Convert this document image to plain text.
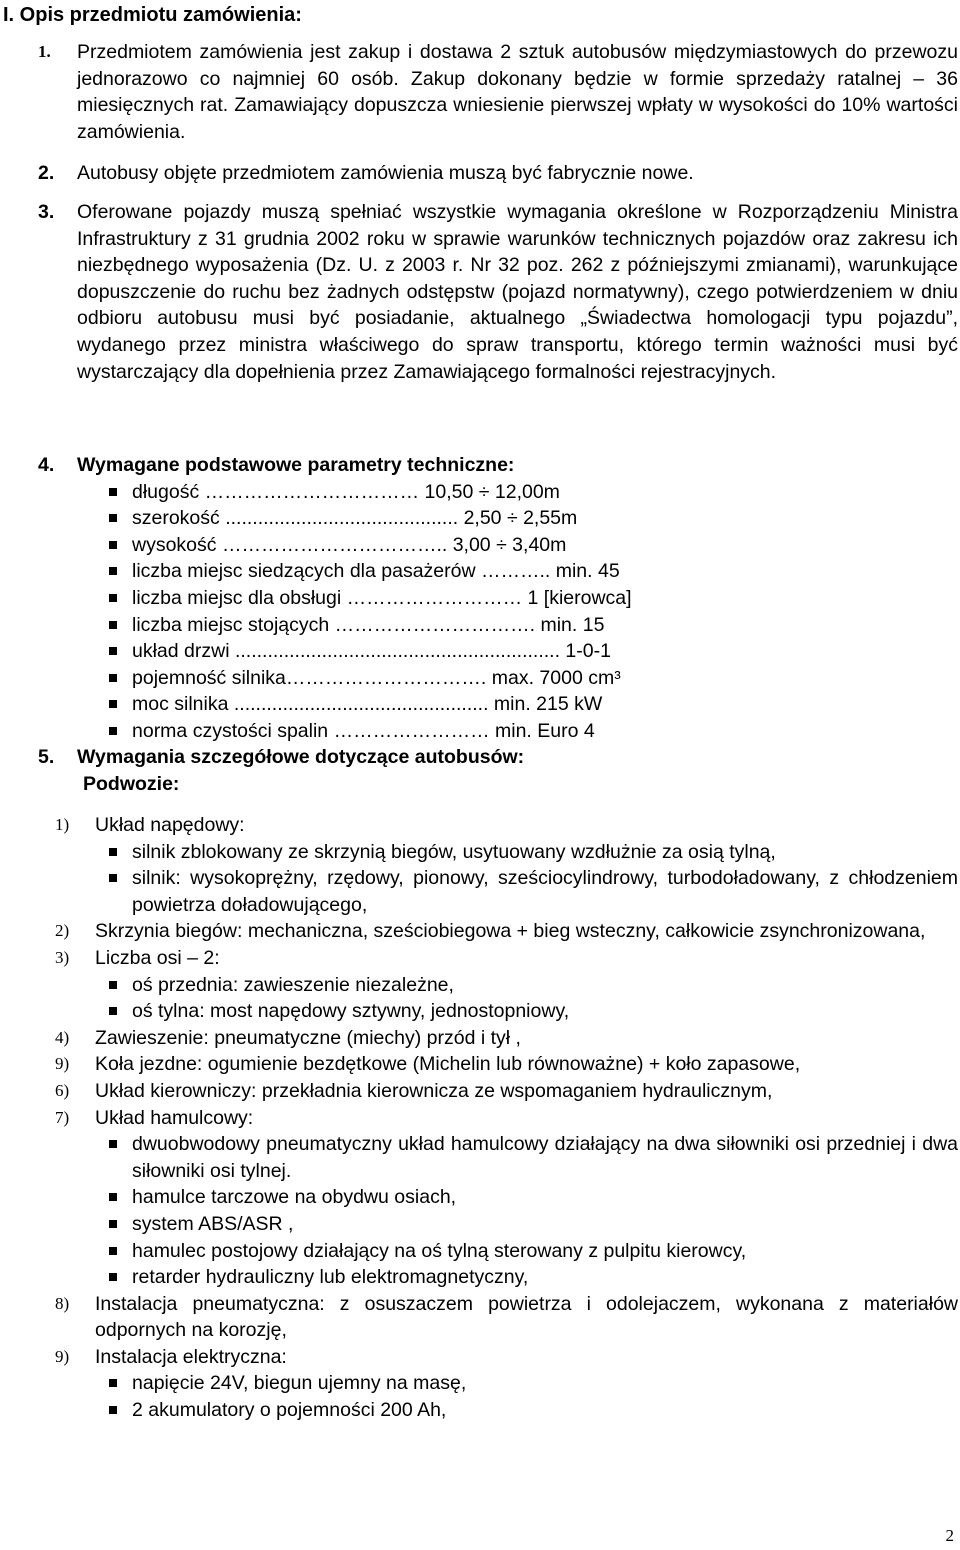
I. Opis przedmiotu zamówienia:
1.	Przedmiotem zamówienia jest zakup i dostawa 2 sztuk autobusów międzymiastowych do przewozu jednorazowo co najmniej 60 osób. Zakup dokonany będzie w formie sprzedaży ratalnej – 36 miesięcznych rat. Zamawiający dopuszcza wniesienie pierwszej wpłaty w wysokości do 10% wartości zamówienia.
2.	Autobusy objęte przedmiotem zamówienia muszą być fabrycznie nowe.
3.	Oferowane pojazdy muszą spełniać wszystkie wymagania określone w Rozporządzeniu Ministra Infrastruktury z 31 grudnia 2002 roku w sprawie warunków technicznych pojazdów oraz zakresu ich niezbędnego wyposażenia (Dz. U. z 2003 r. Nr 32 poz. 262 z późniejszymi zmianami), warunkujące dopuszczenie do ruchu bez żadnych odstępstw (pojazd normatywny), czego potwierdzeniem w dniu odbioru autobusu musi być posiadanie, aktualnego „Świadectwa homologacji typu pojazdu”, wydanego przez ministra właściwego do spraw transportu, którego termin ważności musi być wystarczający dla dopełnienia przez Zamawiającego formalności rejestracyjnych.
4.	Wymagane podstawowe parametry techniczne:
długość …………………………… 10,50 ÷ 12,00m
szerokość ........................................... 2,50 ÷ 2,55m
wysokość …………………………….. 3,00 ÷ 3,40m
liczba miejsc siedzących dla pasażerów ……….. min. 45
liczba miejsc dla obsługi ……………………… 1 [kierowca]
liczba miejsc stojących …………………………. min. 15
układ drzwi ............................................................ 1-0-1
pojemność silnika…………………………. max. 7000 cm³
moc silnika ............................................... min. 215 kW
norma czystości spalin …………………… min. Euro 4
5.	Wymagania szczegółowe dotyczące autobusów:
Podwozie:
1)	Układ napędowy:
silnik zblokowany ze skrzynią biegów, usytuowany wzdłużnie za osią tylną,
silnik: wysokoprężny, rzędowy, pionowy, sześciocylindrowy, turbodoładowany, z chłodzeniem powietrza doładowującego,
2)	Skrzynia biegów: mechaniczna, sześciobiegowa + bieg wsteczny, całkowicie zsynchronizowana,
3)	Liczba osi – 2:
oś przednia: zawieszenie niezależne,
oś tylna: most napędowy sztywny, jednostopniowy,
4)	Zawieszenie: pneumatyczne (miechy) przód i tył ,
9)	Koła jezdne: ogumienie bezdętkowe (Michelin lub równoważne) + koło zapasowe,
6)	Układ kierowniczy: przekładnia kierownicza ze wspomaganiem hydraulicznym,
7)	Układ hamulcowy:
dwuobwodowy pneumatyczny układ hamulcowy działający na dwa siłowniki osi przedniej i dwa siłowniki osi tylnej.
hamulce tarczowe na obydwu osiach,
system ABS/ASR ,
hamulec postojowy działający na oś tylną sterowany z pulpitu kierowcy,
retarder hydrauliczny lub elektromagnetyczny,
8)	Instalacja pneumatyczna: z osuszaczem powietrza i odolejaczem, wykonana z materiałów odpornych na korozję,
9)	Instalacja elektryczna:
napięcie 24V, biegun ujemny na masę,
2 akumulatory o pojemności 200 Ah,
2
